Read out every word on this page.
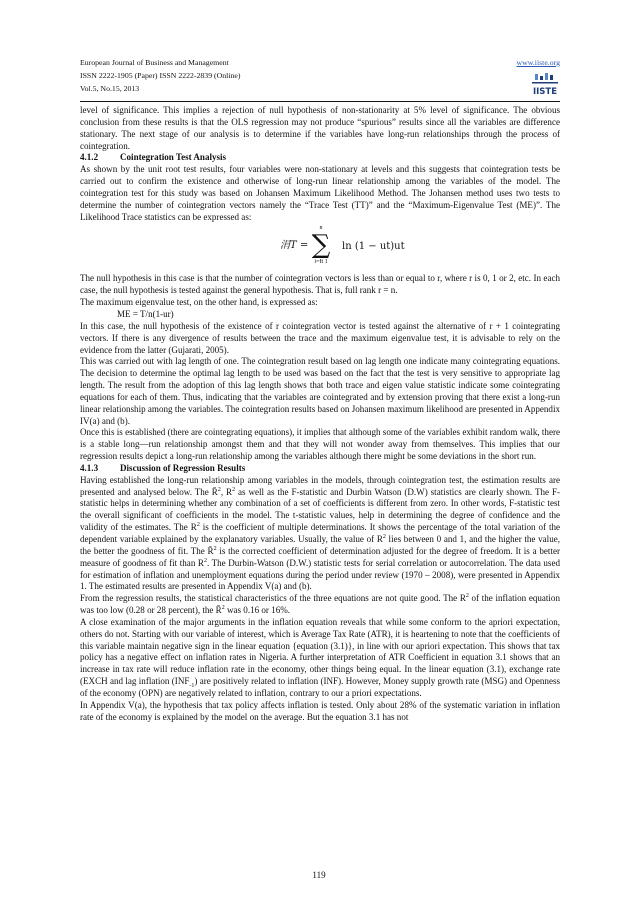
European Journal of Business and Management
ISSN 2222-1905 (Paper) ISSN 2222-2839 (Online)
Vol.5, No.15, 2013
www.iiste.org
IISTE

level of significance. This implies a rejection of null hypothesis of non-stationarity at 5% level of significance. The obvious conclusion from these results is that the OLS regression may not produce “spurious” results since all the variables are difference stationary. The next stage of our analysis is to determine if the variables have long-run relationships through the process of cointegration.

4.1.2 Cointegration Test Analysis

As shown by the unit root test results, four variables were non-stationary at levels and this suggests that cointegration tests be carried out to confirm the existence and otherwise of long-run linear relationship among the variables of the model. The cointegration test for this study was based on Johansen Maximum Likelihood Method. The Johansen method uses two tests to determine the number of cointegration vectors namely the “Trace Test (TT)” and the “Maximum-Eigenvalue Test (ME)”. The Likelihood Trace statistics can be expressed as:

涓T =
n
∑
i=Ɨt 1
ln (1 − ut)ut

The null hypothesis in this case is that the number of cointegration vectors is less than or equal to r, where r is 0, 1 or 2, etc. In each case, the null hypothesis is tested against the general hypothesis. That is, full rank r = n.

The maximum eigenvalue test, on the other hand, is expressed as:

ME = T/n(1-ur)

In this case, the null hypothesis of the existence of r cointegration vector is tested against the alternative of r + 1 cointegrating vectors. If there is any divergence of results between the trace and the maximum eigenvalue test, it is advisable to rely on the evidence from the latter (Gujarati, 2005).

This was carried out with lag length of one. The cointegration result based on lag length one indicate many cointegrating equations. The decision to determine the optimal lag length to be used was based on the fact that the test is very sensitive to appropriate lag length. The result from the adoption of this lag length shows that both trace and eigen value statistic indicate some cointegrating equations for each of them. Thus, indicating that the variables are cointegrated and by extension proving that there exist a long-run linear relationship among the variables. The cointegration results based on Johansen maximum likelihood are presented in Appendix IV(a) and (b).

Once this is established (there are cointegrating equations), it implies that although some of the variables exhibit random walk, there is a stable long—run relationship amongst them and that they will not wonder away from themselves. This implies that our regression results depict a long-run relationship among the variables although there might be some deviations in the short run.

4.1.3 Discussion of Regression Results

Having established the long-run relationship among variables in the models, through cointegration test, the estimation results are presented and analysed below. The R̄$^2$, $R^2$ as well as the F-statistic and Durbin Watson (D.W) statistics are clearly shown. The F-statistic helps in determining whether any combination of a set of coefficients is different from zero. In other words, F-statistic test the overall significant of coefficients in the model. The t-statistic values, help in determining the degree of confidence and the validity of the estimates. The $R^2$ is the coefficient of multiple determinations. It shows the percentage of the total variation of the dependent variable explained by the explanatory variables. Usually, the value of $R^2$ lies between 0 and 1, and the higher the value, the better the goodness of fit. The R̄$^2$ is the corrected coefficient of determination adjusted for the degree of freedom. It is a better measure of goodness of fit than $R^2$. The Durbin-Watson (D.W.) statistic tests for serial correlation or autocorrelation. The data used for estimation of inflation and unemployment equations during the period under review (1970 – 2008), were presented in Appendix 1. The estimated results are presented in Appendix V(a) and (b).

From the regression results, the statistical characteristics of the three equations are not quite good. The $R^2$ of the inflation equation was too low (0.28 or 28 percent), the R̄$^2$ was 0.16 or 16%.

A close examination of the major arguments in the inflation equation reveals that while some conform to the apriori expectation, others do not. Starting with our variable of interest, which is Average Tax Rate (ATR), it is heartening to note that the coefficients of this variable maintain negative sign in the linear equation {equation (3.1)}, in line with our apriori expectation. This shows that tax policy has a negative effect on inflation rates in Nigeria. A further interpretation of ATR Coefficient in equation 3.1 shows that an increase in tax rate will reduce inflation rate in the economy, other things being equal. In the linear equation (3.1), exchange rate (EXCH and lag inflation $(INF_{-1})$ are positively related to inflation (INF). However, Money supply growth rate (MSG) and Openness of the economy (OPN) are negatively related to inflation, contrary to our a priori expectations.

In Appendix V(a), the hypothesis that tax policy affects inflation is tested. Only about 28% of the systematic variation in inflation rate of the economy is explained by the model on the average. But the equation 3.1 has not

119
